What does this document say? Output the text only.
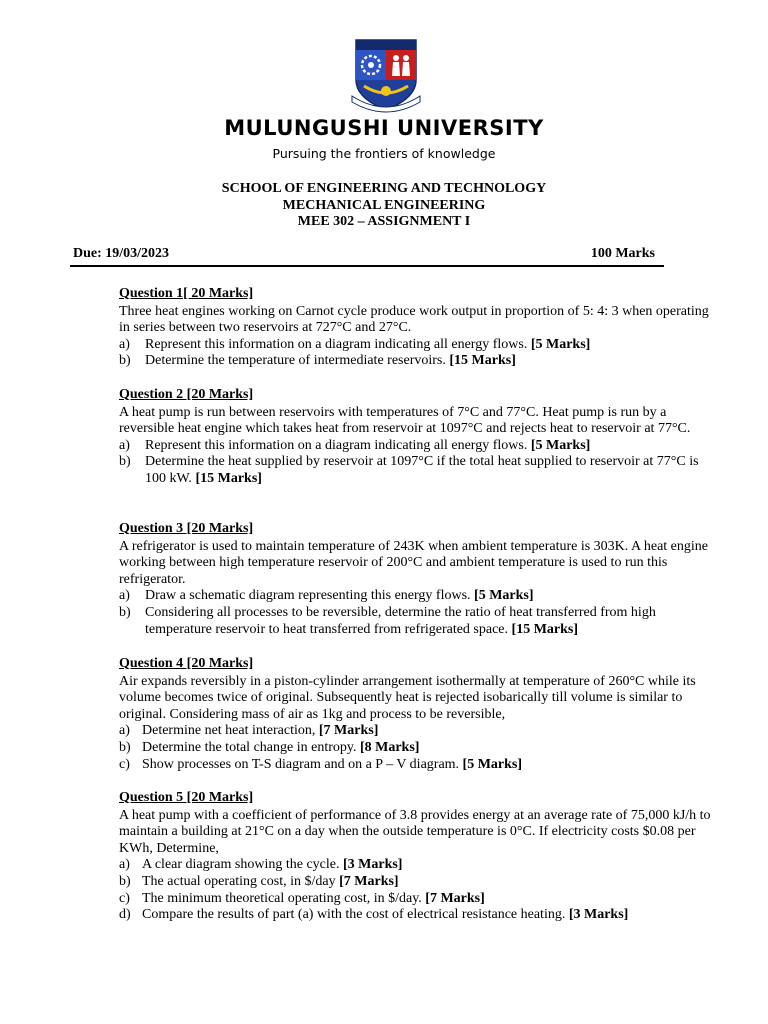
MULUNGUSHI UNIVERSITY
Pursuing the frontiers of knowledge
SCHOOL OF ENGINEERING AND TECHNOLOGY
MECHANICAL ENGINEERING
MEE 302 – ASSIGNMENT I
Due: 19/03/2023	100 Marks
Question 1[ 20 Marks]
Three heat engines working on Carnot cycle produce work output in proportion of 5: 4: 3 when operating in series between two reservoirs at 727°C and 27°C.
a) Represent this information on a diagram indicating all energy flows. [5 Marks]
b) Determine the temperature of intermediate reservoirs. [15 Marks]
Question 2 [20 Marks]
A heat pump is run between reservoirs with temperatures of 7°C and 77°C. Heat pump is run by a reversible heat engine which takes heat from reservoir at 1097°C and rejects heat to reservoir at 77°C.
a) Represent this information on a diagram indicating all energy flows. [5 Marks]
b) Determine the heat supplied by reservoir at 1097°C if the total heat supplied to reservoir at 77°C is 100 kW. [15 Marks]
Question 3 [20 Marks]
A refrigerator is used to maintain temperature of 243K when ambient temperature is 303K. A heat engine working between high temperature reservoir of 200°C and ambient temperature is used to run this refrigerator.
a) Draw a schematic diagram representing this energy flows. [5 Marks]
b) Considering all processes to be reversible, determine the ratio of heat transferred from high temperature reservoir to heat transferred from refrigerated space. [15 Marks]
Question 4 [20 Marks]
Air expands reversibly in a piston-cylinder arrangement isothermally at temperature of 260°C while its volume becomes twice of original. Subsequently heat is rejected isobarically till volume is similar to original. Considering mass of air as 1kg and process to be reversible,
a) Determine net heat interaction, [7 Marks]
b) Determine the total change in entropy. [8 Marks]
c) Show processes on T-S diagram and on a P – V diagram. [5 Marks]
Question 5 [20 Marks]
A heat pump with a coefficient of performance of 3.8 provides energy at an average rate of 75,000 kJ/h to maintain a building at 21°C on a day when the outside temperature is 0°C. If electricity costs $0.08 per KWh, Determine,
a) A clear diagram showing the cycle. [3 Marks]
b) The actual operating cost, in $/day [7 Marks]
c) The minimum theoretical operating cost, in $/day. [7 Marks]
d) Compare the results of part (a) with the cost of electrical resistance heating. [3 Marks]
